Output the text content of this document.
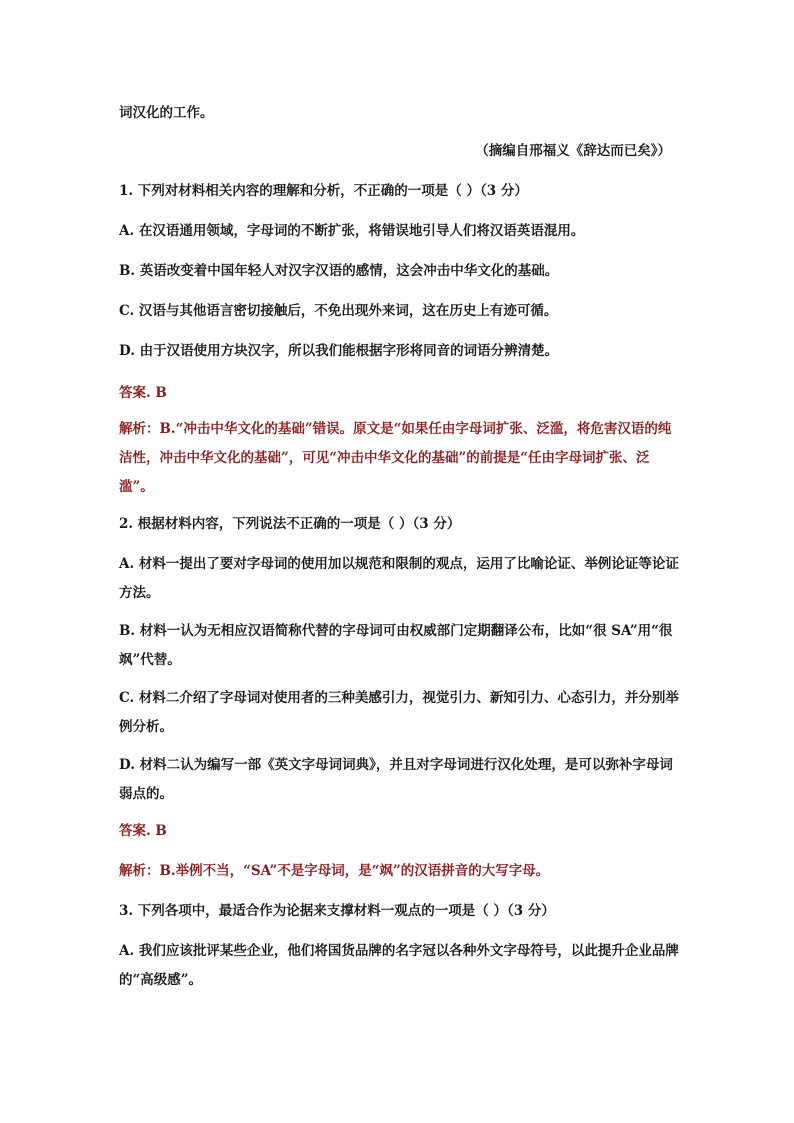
词汉化的工作。
（摘编自邢福义《辞达而已矣》）
1. 下列对材料相关内容的理解和分析，不正确的一项是（ ）（3 分）
A. 在汉语通用领域，字母词的不断扩张，将错误地引导人们将汉语英语混用。
B. 英语改变着中国年轻人对汉字汉语的感情，这会冲击中华文化的基础。
C. 汉语与其他语言密切接触后，不免出现外来词，这在历史上有迹可循。
D. 由于汉语使用方块汉字，所以我们能根据字形将同音的词语分辨清楚。
答案. B
解析：B.“冲击中华文化的基础”错误。原文是“如果任由字母词扩张、泛滥，将危害汉语的纯洁性，冲击中华文化的基础”，可见“冲击中华文化的基础”的前提是“任由字母词扩张、泛滥”。
2. 根据材料内容，下列说法不正确的一项是（ ）（3 分）
A. 材料一提出了要对字母词的使用加以规范和限制的观点，运用了比喻论证、举例论证等论证方法。
B. 材料一认为无相应汉语简称代替的字母词可由权威部门定期翻译公布，比如“很 SA”用“很飒”代替。
C. 材料二介绍了字母词对使用者的三种美感引力，视觉引力、新知引力、心态引力，并分别举例分析。
D. 材料二认为编写一部《英文字母词词典》，并且对字母词进行汉化处理，是可以弥补字母词弱点的。
答案. B
解析：B.举例不当，“SA”不是字母词，是“飒”的汉语拼音的大写字母。
3. 下列各项中，最适合作为论据来支撑材料一观点的一项是（ ）（3 分）
A. 我们应该批评某些企业，他们将国货品牌的名字冠以各种外文字母符号，以此提升企业品牌的“高级感”。
